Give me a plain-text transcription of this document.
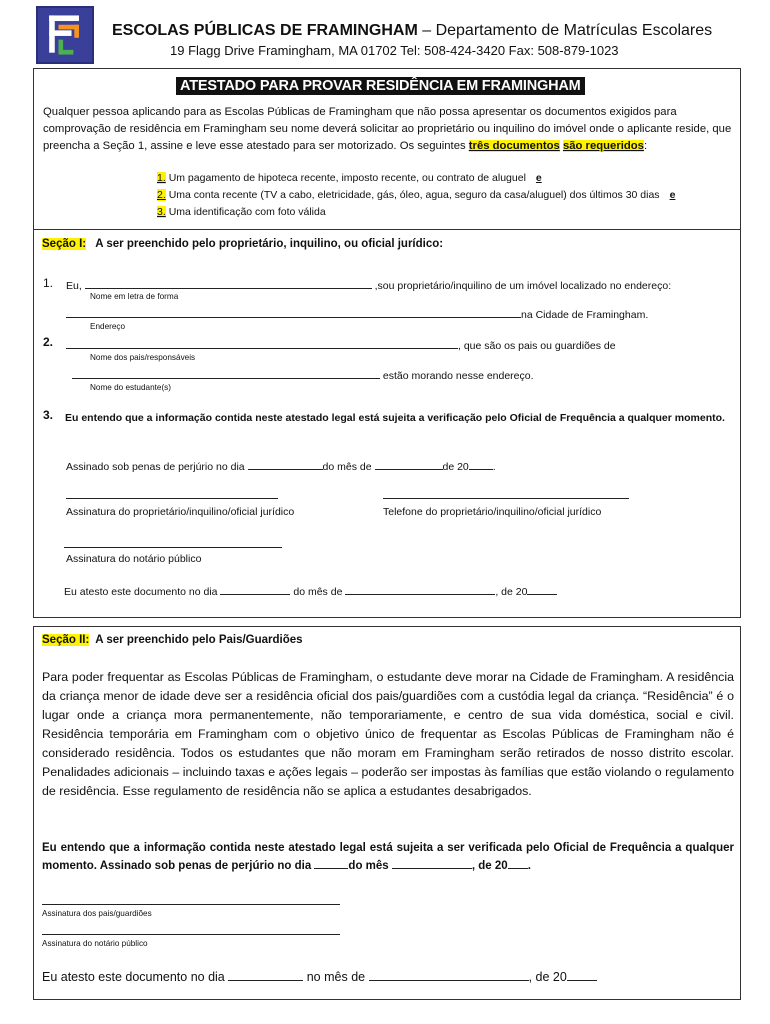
ESCOLAS PÚBLICAS DE FRAMINGHAM – Departamento de Matrículas Escolares
19 Flagg Drive Framingham, MA 01702 Tel: 508-424-3420 Fax: 508-879-1023
ATESTADO PARA PROVAR RESIDÊNCIA EM FRAMINGHAM
Qualquer pessoa aplicando para as Escolas Públicas de Framingham que não possa apresentar os documentos exigidos para comprovação de residência em Framingham seu nome deverá solicitar ao proprietário ou inquilino do imóvel onde o aplicante reside, que preencha a Seção 1, assine e leve esse atestado para ser motorizado. Os seguintes três documentos são requeridos:
1. Um pagamento de hipoteca recente, imposto recente, ou contrato de aluguel e
2. Uma conta recente (TV a cabo, eletricidade, gás, óleo, agua, seguro da casa/aluguel) dos últimos 30 dias e
3. Uma identificação com foto válida
Seção I: A ser preenchido pelo proprietário, inquilino, ou oficial jurídico:
1. Eu,	,sou proprietário/inquilino de um imóvel localizado no endereço:
Nome em letra de forma
na Cidade de Framingham.
Endereço
2.	, que são os pais ou guardiões de
Nome dos pais/responsáveis
estão morando nesse endereço.
Nome do estudante(s)
3.	Eu entendo que a informação contida neste atestado legal está sujeita a verificação pelo Oficial de Frequência a qualquer momento.
Assinado sob penas de perjúrio no dia	do mês de	de 20 .
Assinatura do proprietário/inquilino/oficial jurídico	Telefone do proprietário/inquilino/oficial jurídico
Assinatura do notário público
Eu atesto este documento no dia	do mês de	, de 20
Seção II: A ser preenchido pelo Pais/Guardiões
Para poder frequentar as Escolas Públicas de Framingham, o estudante deve morar na Cidade de Framingham. A residência da criança menor de idade deve ser a residência oficial dos pais/guardiões com a custódia legal da criança. “Residência” é o lugar onde a criança mora permanentemente, não temporariamente, e centro de sua vida doméstica, social e civil. Residência temporária em Framingham com o objetivo único de frequentar as Escolas Públicas de Framingham não é considerado residência. Todos os estudantes que não moram em Framingham serão retirados de nosso distrito escolar. Penalidades adicionais – incluindo taxas e ações legais – poderão ser impostas às famílias que estão violando o regulamento de residência. Esse regulamento de residência não se aplica a estudantes desabrigados.
Eu entendo que a informação contida neste atestado legal está sujeita a ser verificada pelo Oficial de Frequência a qualquer momento. Assinado sob penas de perjúrio no dia	do mês	, de 20 .
Assinatura dos pais/guardiões
Assinatura do notário público
Eu atesto este documento no dia	no mês de	, de 20
